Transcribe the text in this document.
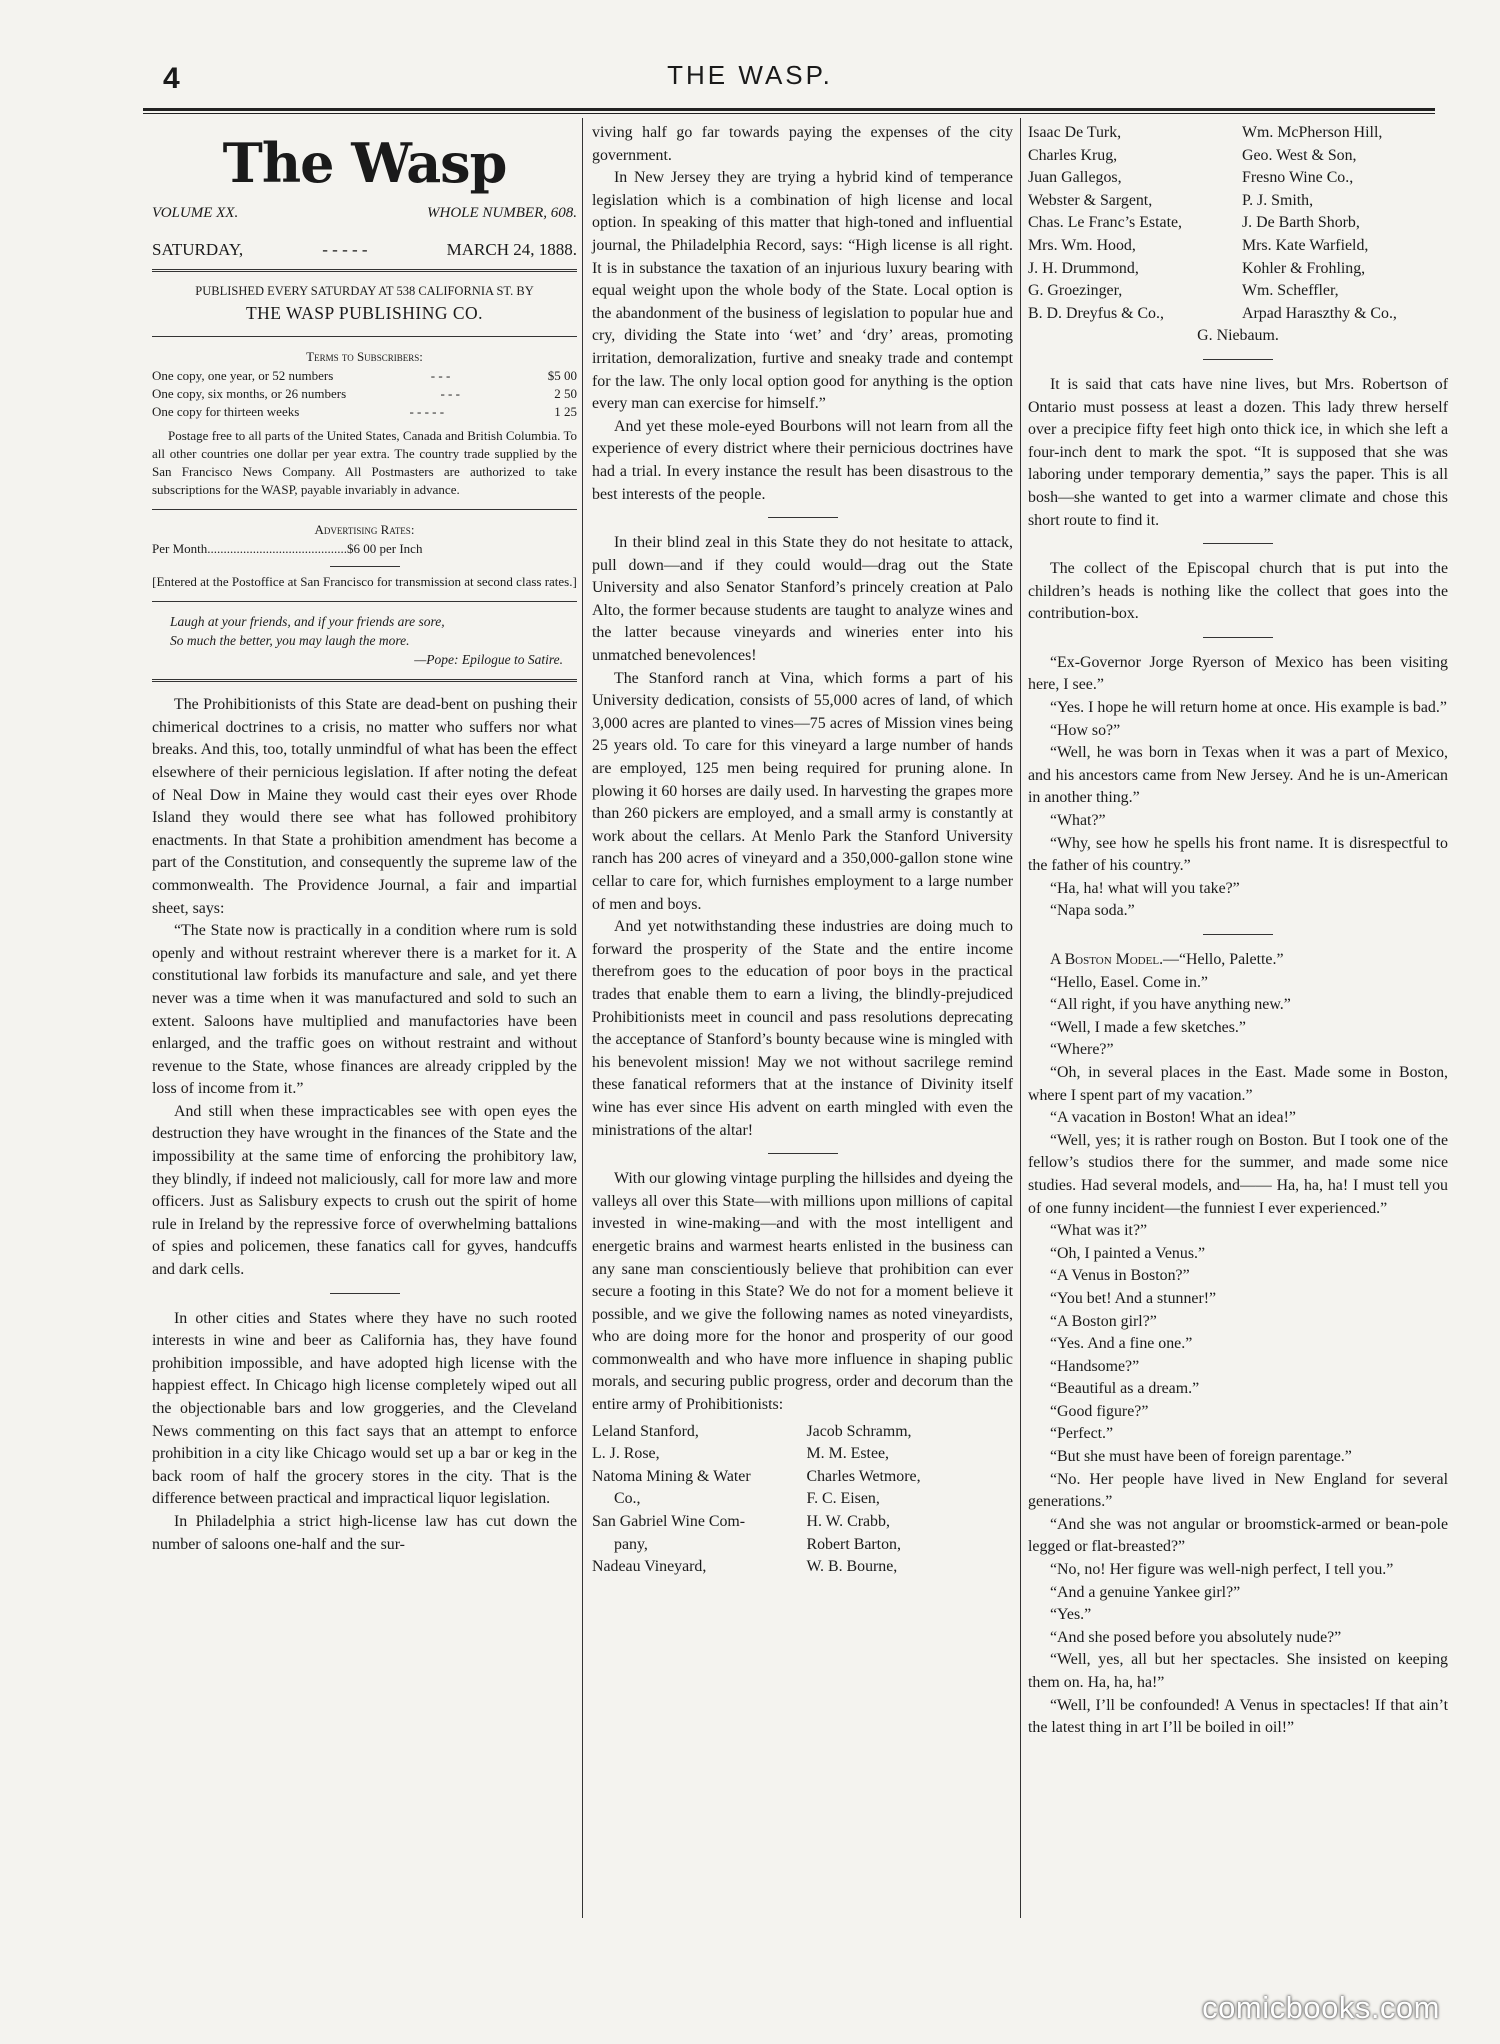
4	THE WASP.
The Wasp
VOLUME XX.	WHOLE NUMBER, 608.
SATURDAY,	- - - - -	MARCH 24, 1888.
PUBLISHED EVERY SATURDAY AT 538 CALIFORNIA ST. BY
THE WASP PUBLISHING CO.
Terms to Subscribers:
One copy, one year, or 52 numbers	- - -	$5 00
One copy, six months, or 26 numbers	- - -	2 50
One copy for thirteen weeks	- - - - -	1 25

Postage free to all parts of the United States, Canada and British Columbia. To all other countries one dollar per year extra. The country trade supplied by the San Francisco News Company. All Postmasters are authorized to take subscriptions for the WASP, payable invariably in advance.

Advertising Rates:
Per Month...........................................$6 00 per Inch
[Entered at the Postoffice at San Francisco for transmission at second class rates.]
Laugh at your friends, and if your friends are sore,
So much the better, you may laugh the more.
—Pope: Epilogue to Satire.

The Prohibitionists of this State are dead-bent on pushing their chimerical doctrines to a crisis, no matter who suffers nor what breaks. And this, too, totally unmindful of what has been the effect elsewhere of their pernicious legislation. If after noting the defeat of Neal Dow in Maine they would cast their eyes over Rhode Island they would there see what has followed prohibitory enactments. In that State a prohibition amendment has become a part of the Constitution, and consequently the supreme law of the commonwealth. The Providence Journal, a fair and impartial sheet, says:

“The State now is practically in a condition where rum is sold openly and without restraint wherever there is a market for it. A constitutional law forbids its manufacture and sale, and yet there never was a time when it was manufactured and sold to such an extent. Saloons have multiplied and manufactories have been enlarged, and the traffic goes on without restraint and without revenue to the State, whose finances are already crippled by the loss of income from it.”

And still when these impracticables see with open eyes the destruction they have wrought in the finances of the State and the impossibility at the same time of enforcing the prohibitory law, they blindly, if indeed not maliciously, call for more law and more officers. Just as Salisbury expects to crush out the spirit of home rule in Ireland by the repressive force of overwhelming battalions of spies and policemen, these fanatics call for gyves, handcuffs and dark cells.

In other cities and States where they have no such rooted interests in wine and beer as California has, they have found prohibition impossible, and have adopted high license with the happiest effect. In Chicago high license completely wiped out all the objectionable bars and low groggeries, and the Cleveland News commenting on this fact says that an attempt to enforce prohibition in a city like Chicago would set up a bar or keg in the back room of half the grocery stores in the city. That is the difference between practical and impractical liquor legislation.

In Philadelphia a strict high-license law has cut down the number of saloons one-half and the sur-

viving half go far towards paying the expenses of the city government.

In New Jersey they are trying a hybrid kind of temperance legislation which is a combination of high license and local option. In speaking of this matter that high-toned and influential journal, the Philadelphia Record, says: “High license is all right. It is in substance the taxation of an injurious luxury bearing with equal weight upon the whole body of the State. Local option is the abandonment of the business of legislation to popular hue and cry, dividing the State into ‘wet’ and ‘dry’ areas, promoting irritation, demoralization, furtive and sneaky trade and contempt for the law. The only local option good for anything is the option every man can exercise for himself.”

And yet these mole-eyed Bourbons will not learn from all the experience of every district where their pernicious doctrines have had a trial. In every instance the result has been disastrous to the best interests of the people.

In their blind zeal in this State they do not hesitate to attack, pull down—and if they could would—drag out the State University and also Senator Stanford’s princely creation at Palo Alto, the former because students are taught to analyze wines and the latter because vineyards and wineries enter into his unmatched benevolences!

The Stanford ranch at Vina, which forms a part of his University dedication, consists of 55,000 acres of land, of which 3,000 acres are planted to vines—75 acres of Mission vines being 25 years old. To care for this vineyard a large number of hands are employed, 125 men being required for pruning alone. In plowing it 60 horses are daily used. In harvesting the grapes more than 260 pickers are employed, and a small army is constantly at work about the cellars. At Menlo Park the Stanford University ranch has 200 acres of vineyard and a 350,000-gallon stone wine cellar to care for, which furnishes employment to a large number of men and boys.

And yet notwithstanding these industries are doing much to forward the prosperity of the State and the entire income therefrom goes to the education of poor boys in the practical trades that enable them to earn a living, the blindly-prejudiced Prohibitionists meet in council and pass resolutions deprecating the acceptance of Stanford’s bounty because wine is mingled with his benevolent mission! May we not without sacrilege remind these fanatical reformers that at the instance of Divinity itself wine has ever since His advent on earth mingled with even the ministrations of the altar!

With our glowing vintage purpling the hillsides and dyeing the valleys all over this State—with millions upon millions of capital invested in wine-making—and with the most intelligent and energetic brains and warmest hearts enlisted in the business can any sane man conscientiously believe that prohibition can ever secure a footing in this State? We do not for a moment believe it possible, and we give the following names as noted vineyardists, who are doing more for the honor and prosperity of our good commonwealth and who have more influence in shaping public morals, and securing public progress, order and decorum than the entire army of Prohibitionists:

Leland Stanford,	Jacob Schramm,
L. J. Rose,	M. M. Estee,
Natoma Mining & Water	Charles Wetmore,
Co.,	F. C. Eisen,
San Gabriel Wine Com-	H. W. Crabb,
pany,	Robert Barton,
Nadeau Vineyard,	W. B. Bourne,
Isaac De Turk,	Wm. McPherson Hill,
Charles Krug,	Geo. West & Son,
Juan Gallegos,	Fresno Wine Co.,
Webster & Sargent,	P. J. Smith,
Chas. Le Franc’s Estate,	J. De Barth Shorb,
Mrs. Wm. Hood,	Mrs. Kate Warfield,
J. H. Drummond,	Kohler & Frohling,
G. Groezinger,	Wm. Scheffler,
B. D. Dreyfus & Co.,	Arpad Haraszthy & Co.,
G. Niebaum.

It is said that cats have nine lives, but Mrs. Robertson of Ontario must possess at least a dozen. This lady threw herself over a precipice fifty feet high onto thick ice, in which she left a four-inch dent to mark the spot. “It is supposed that she was laboring under temporary dementia,” says the paper. This is all bosh—she wanted to get into a warmer climate and chose this short route to find it.

The collect of the Episcopal church that is put into the children’s heads is nothing like the collect that goes into the contribution-box.

“Ex-Governor Jorge Ryerson of Mexico has been visiting here, I see.”

“Yes. I hope he will return home at once. His example is bad.”

“How so?”

“Well, he was born in Texas when it was a part of Mexico, and his ancestors came from New Jersey. And he is un-American in another thing.”

“What?”

“Why, see how he spells his front name. It is disrespectful to the father of his country.”

“Ha, ha! what will you take?”

“Napa soda.”

A Boston Model.—“Hello, Palette.”

“Hello, Easel. Come in.”

“All right, if you have anything new.”

“Well, I made a few sketches.”

“Where?”

“Oh, in several places in the East. Made some in Boston, where I spent part of my vacation.”

“A vacation in Boston! What an idea!”

“Well, yes; it is rather rough on Boston. But I took one of the fellow’s studios there for the summer, and made some nice studies. Had several models, and—— Ha, ha, ha! I must tell you of one funny incident—the funniest I ever experienced.”

“What was it?”

“Oh, I painted a Venus.”

“A Venus in Boston?”

“You bet! And a stunner!”

“A Boston girl?”

“Yes. And a fine one.”

“Handsome?”

“Beautiful as a dream.”

“Good figure?”

“Perfect.”

“But she must have been of foreign parentage.”

“No. Her people have lived in New England for several generations.”

“And she was not angular or broomstick-armed or bean-pole legged or flat-breasted?”

“No, no! Her figure was well-nigh perfect, I tell you.”

“And a genuine Yankee girl?”

“Yes.”

“And she posed before you absolutely nude?”

“Well, yes, all but her spectacles. She insisted on keeping them on. Ha, ha, ha!”

“Well, I’ll be confounded! A Venus in spectacles! If that ain’t the latest thing in art I’ll be boiled in oil!”

comicbooks.com
